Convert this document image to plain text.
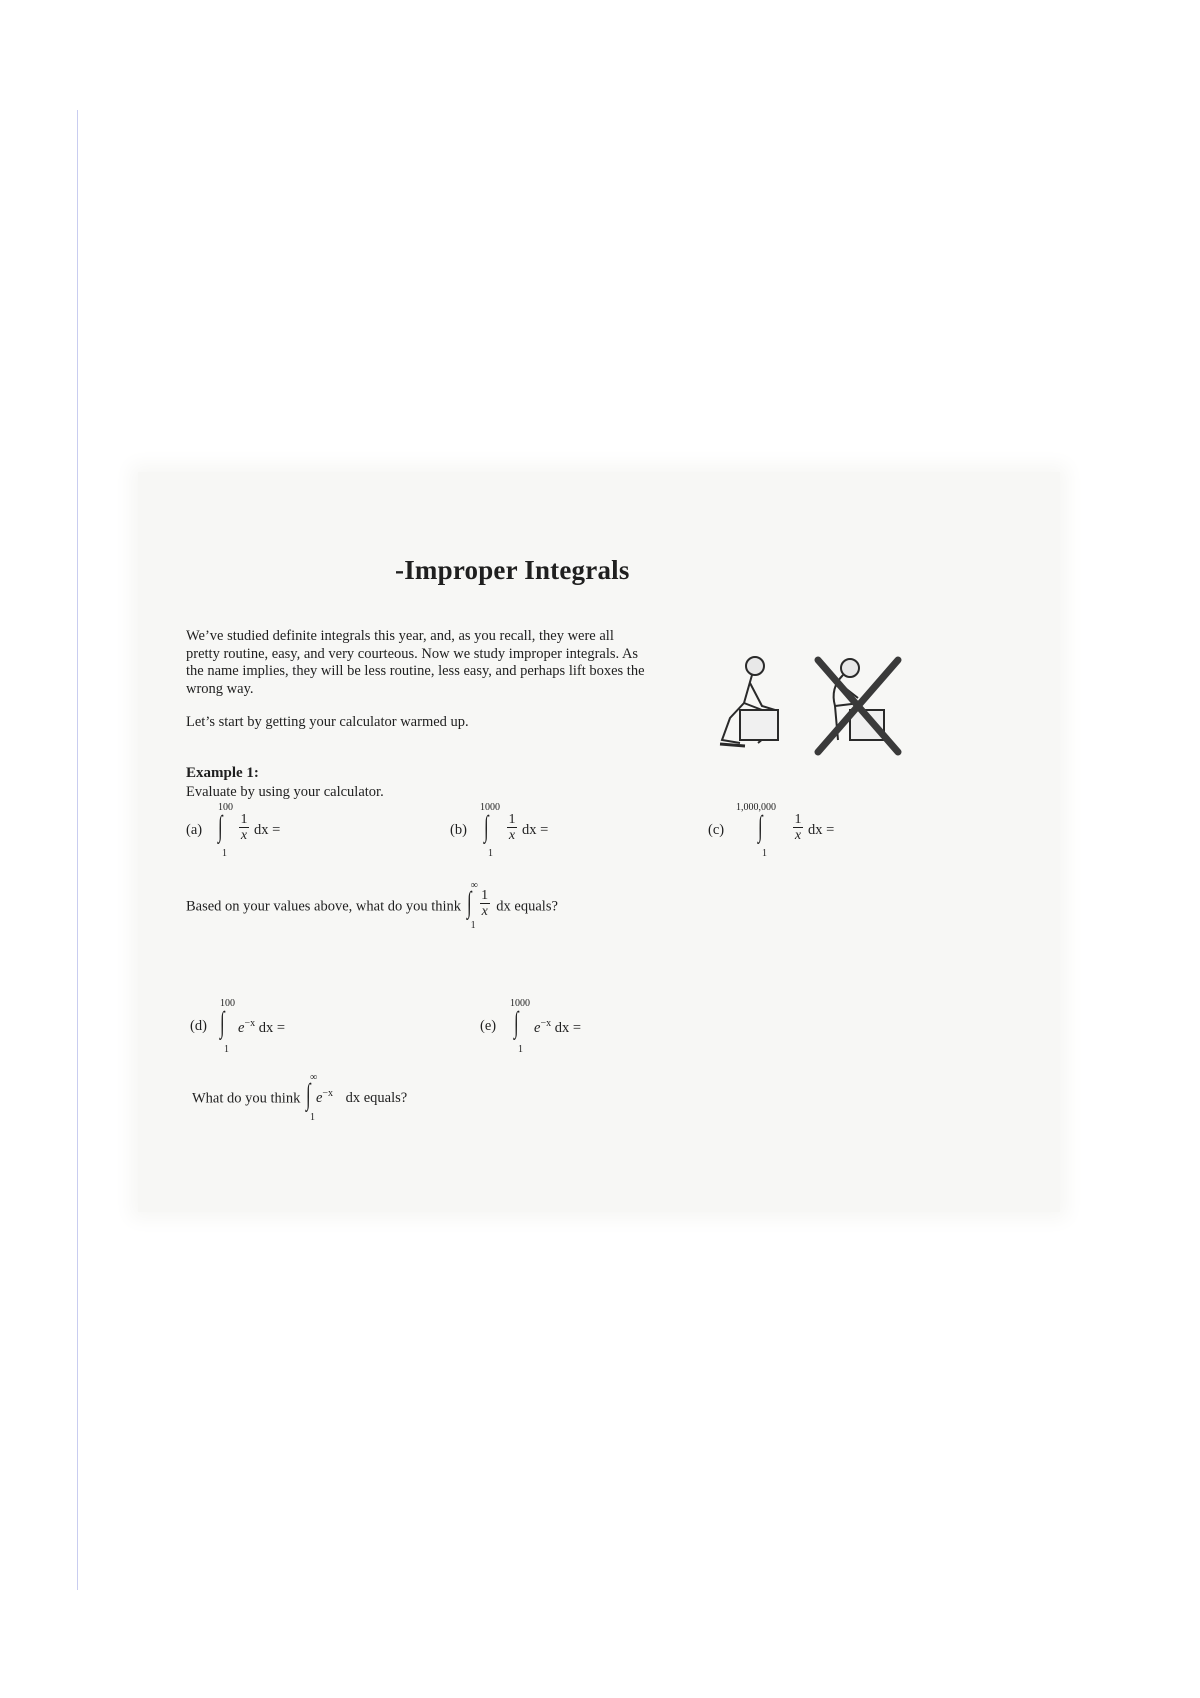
-Improper Integrals

We’ve studied definite integrals this year, and, as you recall, they were all pretty routine, easy, and very courteous. Now we study improper integrals. As the name implies, they will be less routine, less easy, and perhaps lift boxes the wrong way.

Let’s start by getting your calculator warmed up.

Example 1:
Evaluate by using your calculator.
(a)
100
∫
1
1
x dx =	(b)
1000
∫
1
1
x dx =	(c)
1,000,000
∫
1
1
x dx =
Based on your values above, what do you think
∞
∫
1
1
x dx equals?
(d)
100
∫
1
$e^{-x}$ dx =	(e)
1000
∫
1
$e^{-x}$ dx =
What do you think
∞
∫
1
$e^{-x}$ dx equals?
